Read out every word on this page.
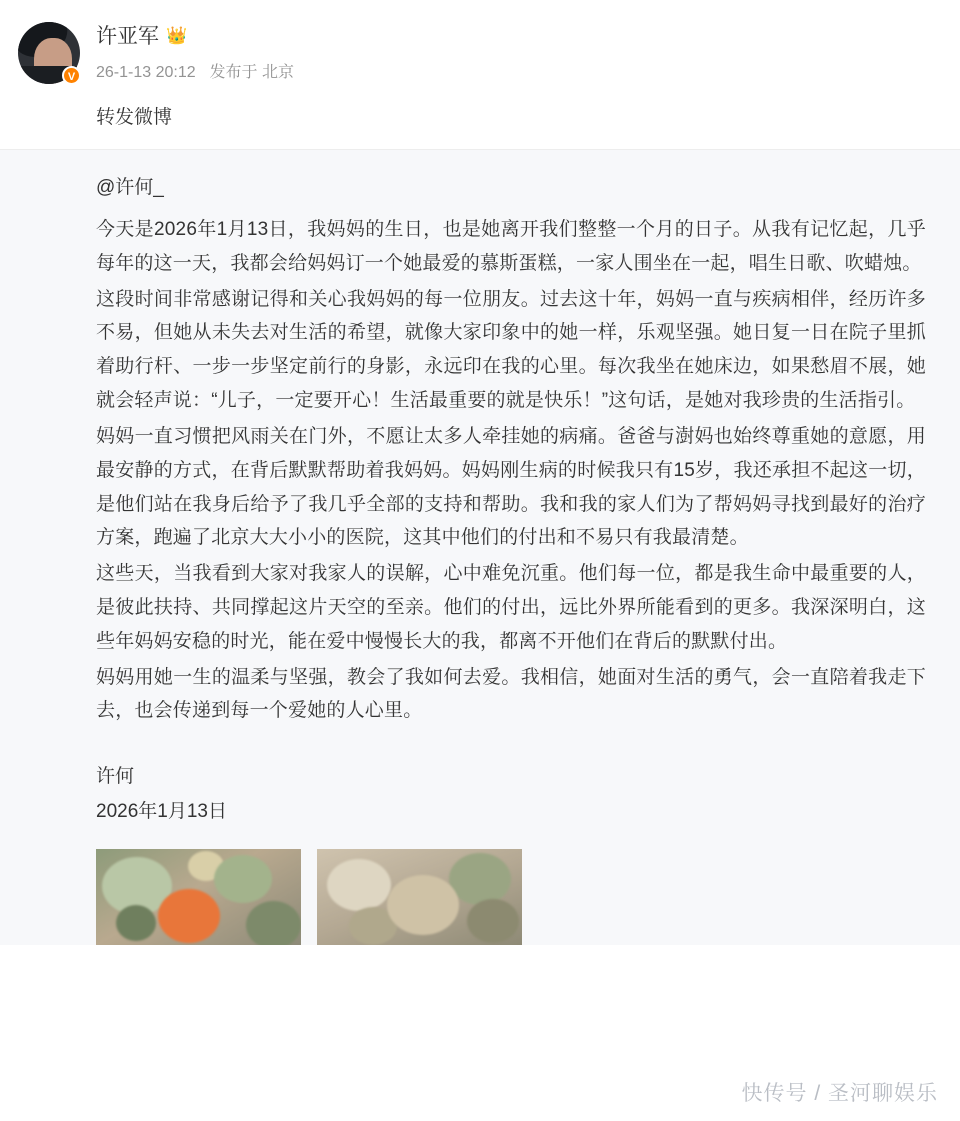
V
许亚军 👑
26-1-13 20:12 发布于 北京
转发微博
@许何_

今天是2026年1月13日，我妈妈的生日，也是她离开我们整整一个月的日子。从我有记忆起，几乎每年的这一天，我都会给妈妈订一个她最爱的慕斯蛋糕，一家人围坐在一起，唱生日歌、吹蜡烛。

这段时间非常感谢记得和关心我妈妈的每一位朋友。过去这十年，妈妈一直与疾病相伴，经历许多不易，但她从未失去对生活的希望，就像大家印象中的她一样，乐观坚强。她日复一日在院子里抓着助行杆、一步一步坚定前行的身影，永远印在我的心里。每次我坐在她床边，如果愁眉不展，她就会轻声说：“儿子，一定要开心！生活最重要的就是快乐！”这句话，是她对我珍贵的生活指引。

妈妈一直习惯把风雨关在门外，不愿让太多人牵挂她的病痛。爸爸与澍妈也始终尊重她的意愿，用最安静的方式，在背后默默帮助着我妈妈。妈妈刚生病的时候我只有15岁，我还承担不起这一切，是他们站在我身后给予了我几乎全部的支持和帮助。我和我的家人们为了帮妈妈寻找到最好的治疗方案，跑遍了北京大大小小的医院，这其中他们的付出和不易只有我最清楚。

这些天，当我看到大家对我家人的误解，心中难免沉重。他们每一位，都是我生命中最重要的人，是彼此扶持、共同撑起这片天空的至亲。他们的付出，远比外界所能看到的更多。我深深明白，这些年妈妈安稳的时光，能在爱中慢慢长大的我，都离不开他们在背后的默默付出。

妈妈用她一生的温柔与坚强，教会了我如何去爱。我相信，她面对生活的勇气，会一直陪着我走下去，也会传递到每一个爱她的人心里。

许何

2026年1月13日

快传号 / 圣河聊娱乐
